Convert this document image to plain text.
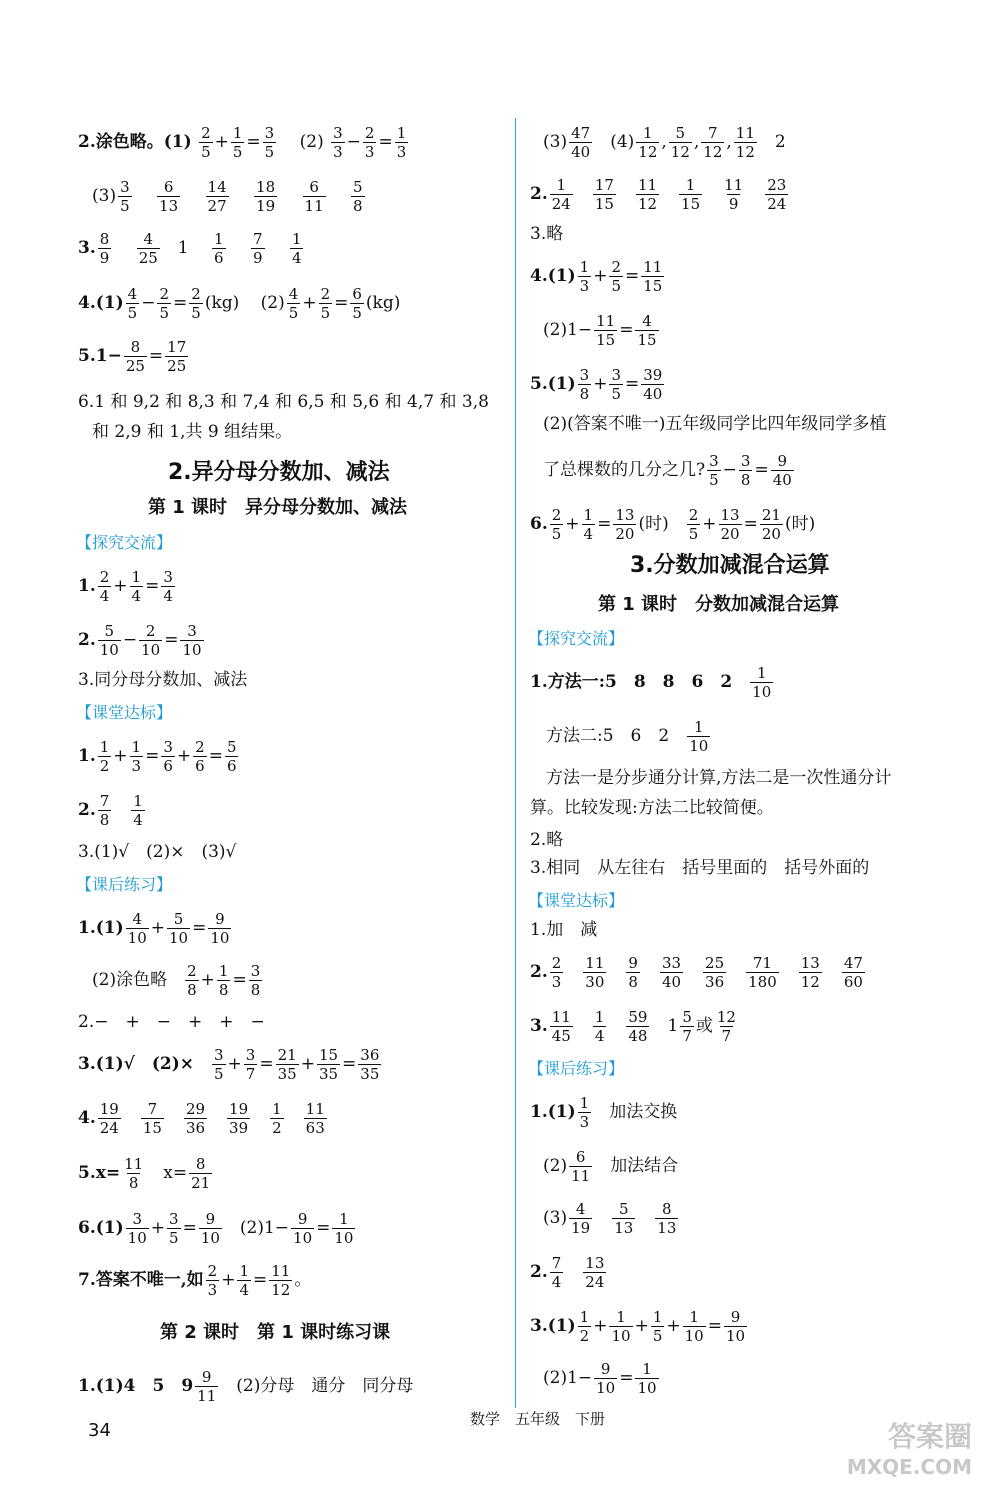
2.涂色略。$(1) \frac{2}{5} + \frac{1}{5} = \frac{3}{5} (2) \frac{3}{3} - \frac{2}{3} = \frac{1}{3}$
$(3) \frac{3}{5}$
$\frac{6}{13}$
$\frac{14}{27}$
$\frac{18}{19}$
$\frac{6}{11}$
$\frac{5}{8}$
3. $\frac{8}{9}$
$\frac{4}{25} 1 \frac{1}{6}$
$\frac{7}{9}$
$\frac{1}{4}$
$4.(1) \frac{4}{5} - \frac{2}{5} = \frac{2}{5} (kg)$ $(2) \frac{4}{5} + \frac{2}{5} = \frac{6}{5} (kg)$
$5.1- \frac{8}{25} = \frac{17}{25}$
6.1 和 9,2 和 8,3 和 7,4 和 6,5 和 5,6 和 4,7 和 3,8
和 2,9 和 1,共 9 组结果。
2.异分母分数加、减法
第 1 课时　异分母分数加、减法
【探究交流】
1. $\frac{2}{4} + \frac{1}{4} = \frac{3}{4}$
2. $\frac{5}{10} - \frac{2}{10} = \frac{3}{10}$
3.同分母分数加、减法
【课堂达标】
1. $\frac{1}{2} + \frac{1}{3} = \frac{3}{6} + \frac{2}{6} = \frac{5}{6}$
2. $\frac{7}{8} \frac{1}{4}$
3.(1)√　(2)×　(3)√
【课后练习】
$1.(1) \frac{4}{10} + \frac{5}{10} = \frac{9}{10}$
(2)涂色略 $\frac{2}{8} + \frac{1}{8} = \frac{3}{8}$
2.−　+　−　+　+　−
3.(1)√　$(2)\times \frac{3}{5} + \frac{3}{7} = \frac{21}{35} + \frac{15}{35} = \frac{36}{35}$
4. $\frac{19}{24} \frac{7}{15} \frac{29}{36} \frac{19}{39} \frac{1}{2} \frac{11}{63}$
$5.x= \frac{11}{8} x= \frac{8}{21}$
$6.(1) \frac{3}{10} + \frac{3}{5} = \frac{9}{10} (2)1- \frac{9}{10} = \frac{1}{10}$
7.答案不唯一,如 $\frac{2}{3} + \frac{1}{4} = \frac{11}{12}$ 。
第 2 课时　第 1 课时练习课
1.(1)4　5　$9 \frac{9}{11} (2)$分母　通分　同分母
$(3) \frac{47}{40} (4) \frac{1}{12}$ , $\frac{5}{12}$ , $\frac{7}{12}$ , $\frac{11}{12} 2$
2. $\frac{1}{24} \frac{17}{15} \frac{11}{12} \frac{1}{15} \frac{11}{9} \frac{23}{24}$
3.略
$4.(1) \frac{1}{3} + \frac{2}{5} = \frac{11}{15}$
$(2)1- \frac{11}{15} = \frac{4}{15}$
$5.(1) \frac{3}{8} + \frac{3}{5} = \frac{39}{40}$
(2)(答案不唯一)五年级同学比四年级同学多植
了总棵数的几分之几? $\frac{3}{5} - \frac{3}{8} = \frac{9}{40}$
6. $\frac{2}{5} + \frac{1}{4} = \frac{13}{20}$ (时) $\frac{2}{5} + \frac{13}{20} = \frac{21}{20}$ (时)
3.分数加减混合运算
第 1 课时　分数加减混合运算
【探究交流】
1.方法一:5　8　8　6　$2 \frac{1}{10}$
方法二:5　6　$2 \frac{1}{10}$
方法一是分步通分计算,方法二是一次性通分计
算。比较发现:方法二比较简便。
2.略
3.相同　从左往右　括号里面的　括号外面的
【课堂达标】
1.加　减
2. $\frac{2}{3} \frac{11}{30} \frac{9}{8} \frac{33}{40} \frac{25}{36} \frac{71}{180} \frac{13}{12} \frac{47}{60}$
3. $\frac{11}{45} \frac{1}{4} \frac{59}{48} 1 \frac{5}{7}$ 或 $\frac{12}{7}$
【课后练习】
$1.(1) \frac{1}{3}$ 加法交换
$(2) \frac{6}{11}$ 加法结合
$(3) \frac{4}{19} \frac{5}{13} \frac{8}{13}$
2. $\frac{7}{4} \frac{13}{24}$
$3.(1) \frac{1}{2} + \frac{1}{10} + \frac{1}{5} + \frac{1}{10} = \frac{9}{10}$
$(2)1- \frac{9}{10} = \frac{1}{10}$
34
数学　五年级　下册
答案圈
MXQE.COM
